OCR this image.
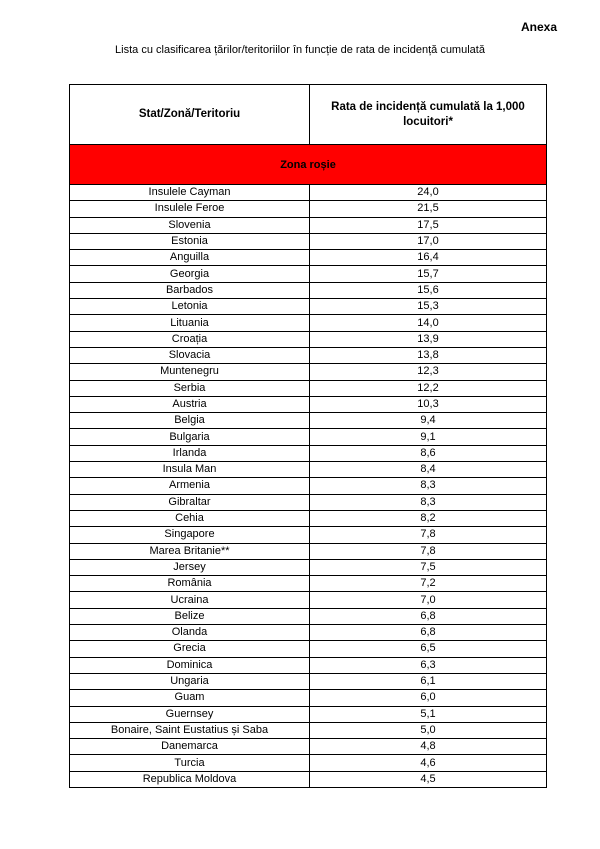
Anexa
Lista cu clasificarea țărilor/teritoriilor în funcție de rata de incidență cumulată
Stat/Zonă/Teritoriu	Rata de incidență cumulată la 1,000 locuitori*
Zona roșie	
Insulele Cayman	24,0
Insulele Feroe	21,5
Slovenia	17,5
Estonia	17,0
Anguilla	16,4
Georgia	15,7
Barbados	15,6
Letonia	15,3
Lituania	14,0
Croația	13,9
Slovacia	13,8
Muntenegru	12,3
Serbia	12,2
Austria	10,3
Belgia	9,4
Bulgaria	9,1
Irlanda	8,6
Insula Man	8,4
Armenia	8,3
Gibraltar	8,3
Cehia	8,2
Singapore	7,8
Marea Britanie**	7,8
Jersey	7,5
România	7,2
Ucraina	7,0
Belize	6,8
Olanda	6,8
Grecia	6,5
Dominica	6,3
Ungaria	6,1
Guam	6,0
Guernsey	5,1
Bonaire, Saint Eustatius și Saba	5,0
Danemarca	4,8
Turcia	4,6
Republica Moldova	4,5
